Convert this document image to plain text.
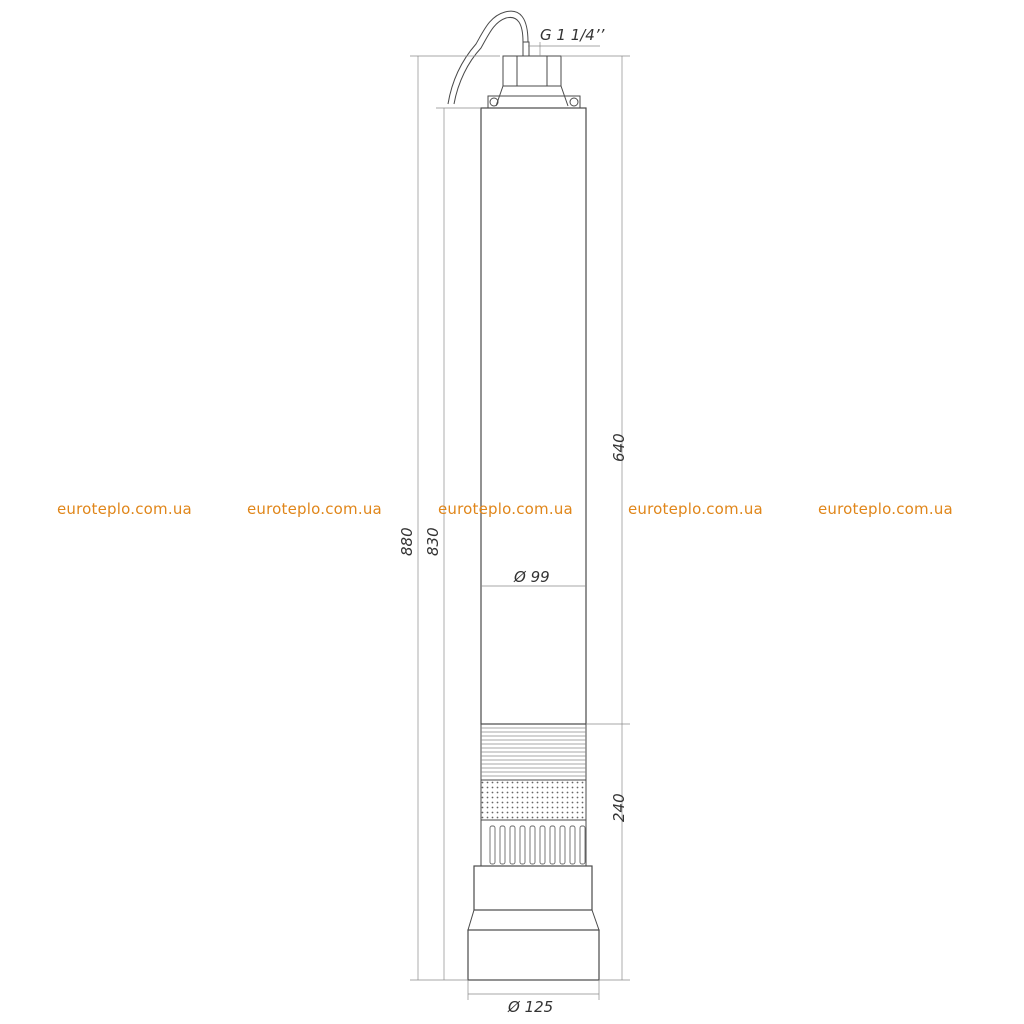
G 1 1/4’’
880 830
640
240
Ø 99
Ø 125
euroteplo.com.ua	euroteplo.com.ua	euroteplo.com.ua	euroteplo.com.ua	euroteplo.com.ua
